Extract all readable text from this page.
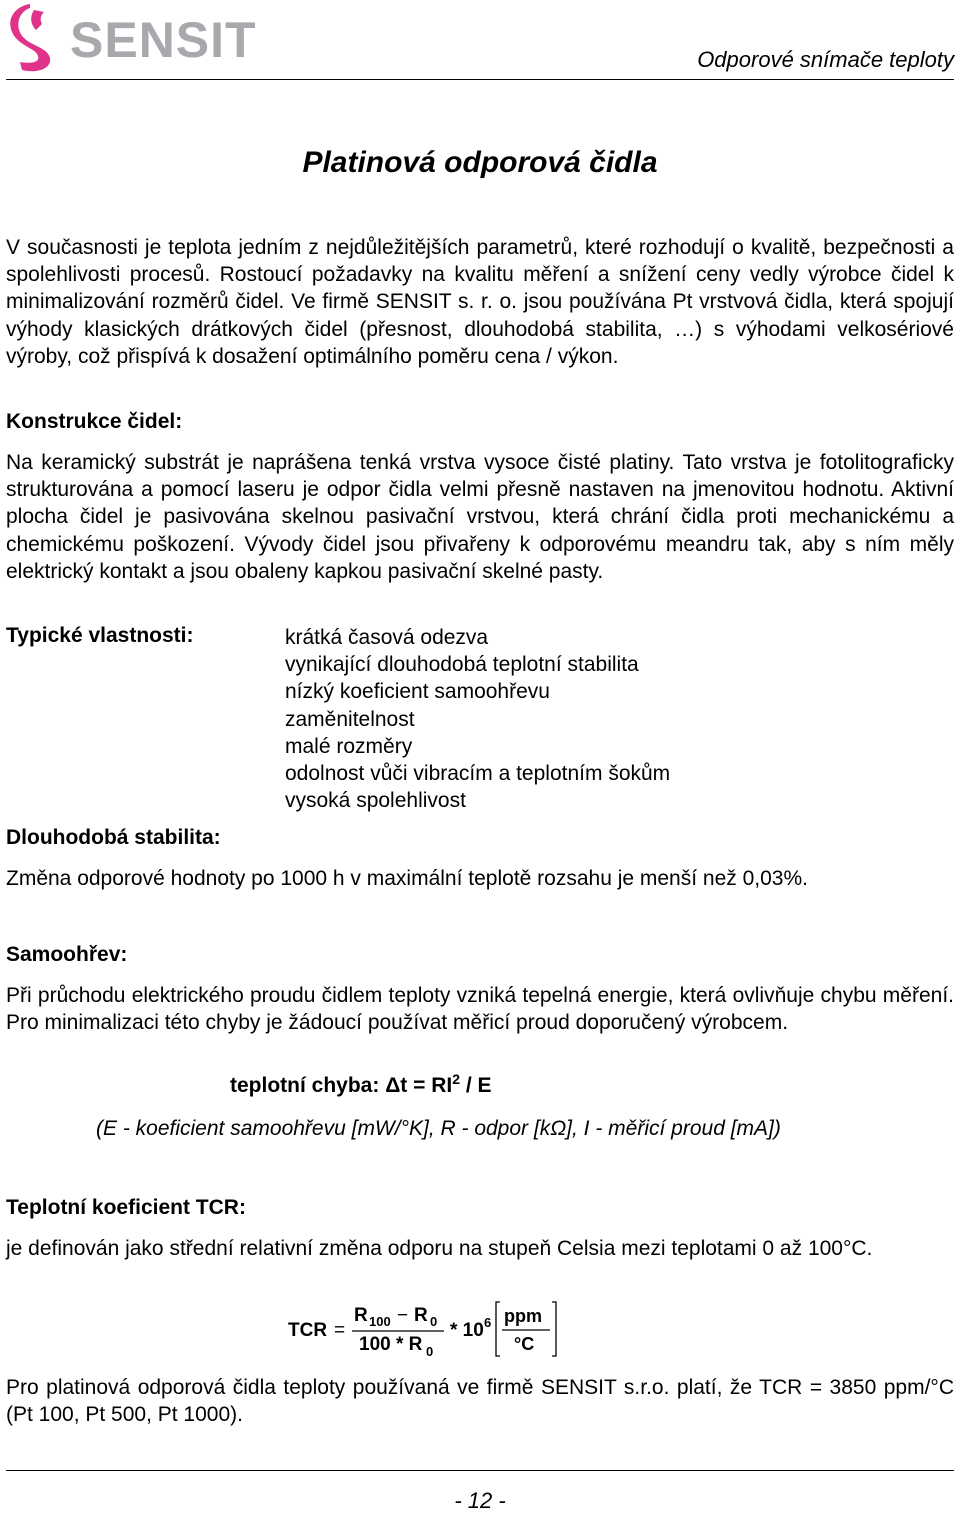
SENSIT	Odporové snímače teploty
Platinová odporová čidla
V současnosti je teplota jedním z nejdůležitějších parametrů, které rozhodují o kvalitě, bezpečnosti a spolehlivosti procesů. Rostoucí požadavky na kvalitu měření a snížení ceny vedly výrobce čidel k minimalizování rozměrů čidel. Ve firmě SENSIT s. r. o. jsou používána Pt vrstvová čidla, která spojují výhody klasických drátkových čidel (přesnost, dlouhodobá stabilita, …) s výhodami velkosériové výroby, což přispívá k dosažení optimálního poměru cena / výkon.
Konstrukce čidel:
Na keramický substrát je naprášena tenká vrstva vysoce čisté platiny. Tato vrstva je fotolitograficky strukturována a pomocí laseru je odpor čidla velmi přesně nastaven na jmenovitou hodnotu. Aktivní plocha čidel je pasivována skelnou pasivační vrstvou, která chrání čidla proti mechanickému a chemickému poškození. Vývody čidel jsou přivařeny k odporovému meandru tak, aby s ním měly elektrický kontakt a jsou obaleny kapkou pasivační skelné pasty.
Typické vlastnosti:	krátká časová odezva
vynikající dlouhodobá teplotní stabilita
nízký koeficient samoohřevu
zaměnitelnost
malé rozměry
odolnost vůči vibracím a teplotním šokům
vysoká spolehlivost
Dlouhodobá stabilita:
Změna odporové hodnoty po 1000 h v maximální teplotě rozsahu je menší než 0,03%.
Samoohřev:
Při průchodu elektrického proudu čidlem teploty vzniká tepelná energie, která ovlivňuje chybu měření. Pro minimalizaci této chyby je žádoucí používat měřicí proud doporučený výrobcem.
teplotní chyba: $\Delta t = RI^2 / E$
(E - koeficient samoohřevu [mW/°K], R - odpor [kΩ], I - měřicí proud [mA])
Teplotní koeficient TCR:
je definován jako střední relativní změna odporu na stupeň Celsia mezi teplotami 0 až 100°C.
TCR =
R 100 − R 0
100 * R 0
* 10 6 ppm
°C
Pro platinová odporová čidla teploty používaná ve firmě SENSIT s.r.o. platí, že TCR = 3850 ppm/°C (Pt 100, Pt 500, Pt 1000).
- 12 -
